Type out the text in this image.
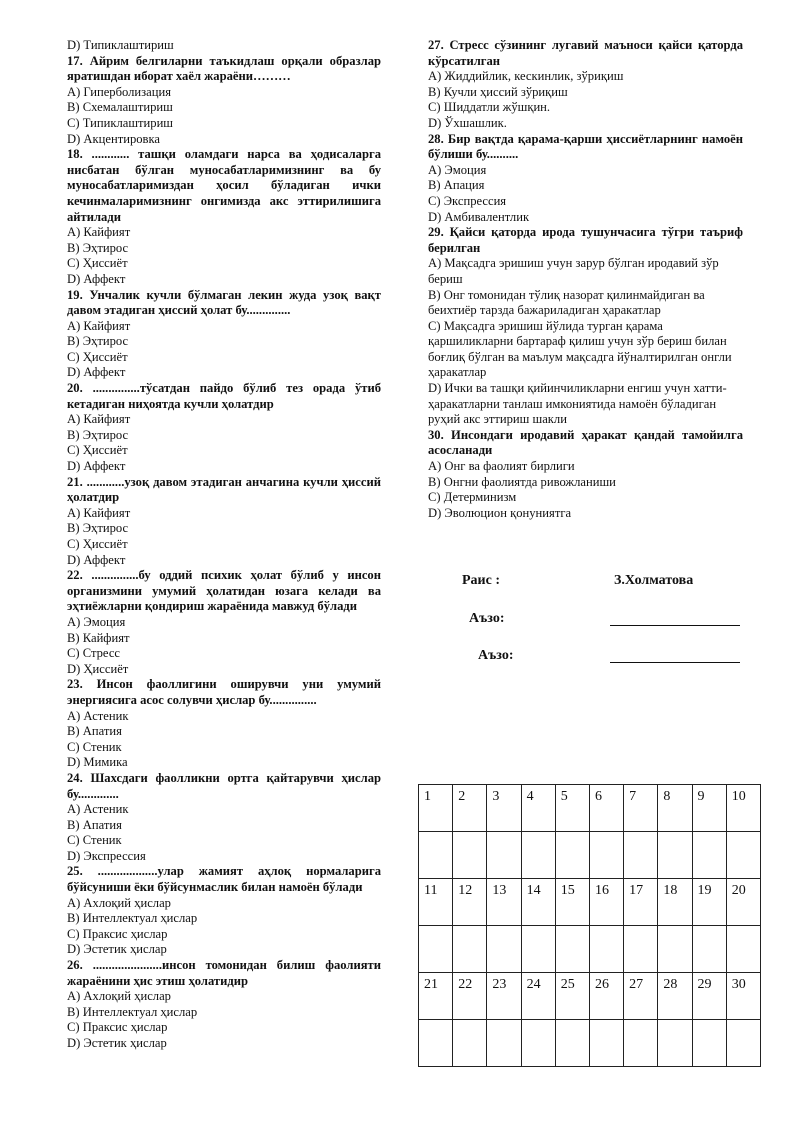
D) Типиклаштириш
17. Айрим белгиларни таъкидлаш орқали образлар яратишдан иборат хаёл жараёни………
A) Гиперболизация
B) Схемалаштириш
C) Типиклаштириш
D) Акцентировка
18. ............ ташқи оламдаги нарса ва ҳодисаларга нисбатан бўлган муносабатларимизнинг ва бу муносабатларимиздан ҳосил бўладиган ички кечинмаларимизнинг онгимизда акс эттирилишига айтилади
A) Кайфият
B) Эҳтирос
C) Ҳиссиёт
D) Аффект
19. Унчалик кучли бўлмаган лекин жуда узоқ вақт давом этадиган ҳиссий ҳолат бу..............
A) Кайфият
B) Эҳтирос
C) Ҳиссиёт
D) Аффект
20. ...............тўсатдан пайдо бўлиб тез орада ўтиб кетадиган ниҳоятда кучли ҳолатдир
A) Кайфият
B) Эҳтирос
C) Ҳиссиёт
D) Аффект
21. ............узоқ давом этадиган анчагина кучли ҳиссий ҳолатдир
A) Кайфият
B) Эҳтирос
C) Ҳиссиёт
D) Аффект
22. ...............бу оддий психик ҳолат бўлиб у инсон организмини умумий ҳолатидан юзага келади ва эҳтиёжларни қондириш жараёнида мавжуд бўлади
A) Эмоция
B) Кайфият
C) Стресс
D) Ҳиссиёт
23. Инсон фаоллигини оширувчи уни умумий энергиясига асос солувчи ҳислар бу...............
A) Астеник
B) Апатия
C) Стеник
D) Мимика
24. Шахсдаги фаолликни ортга қайтарувчи ҳислар бу.............
A) Астеник
B) Апатия
C) Стеник
D) Экспрессия
25. ...................улар жамият аҳлоқ нормаларига бўйсуниши ёки бўйсунмаслик билан намоён бўлади
A) Ахлоқий ҳислар
B) Интеллектуал ҳислар
C) Праксис ҳислар
D) Эстетик ҳислар
26. ......................инсон томонидан билиш фаолияти жараёнини ҳис этиш ҳолатидир
A) Ахлоқий ҳислар
B) Интеллектуал ҳислар
C) Праксис ҳислар
D) Эстетик ҳислар
27. Стресс сўзининг лугавий маъноси қайси қаторда кўрсатилган
A) Жиддийлик, кескинлик, зўриқиш
B) Кучли ҳиссий зўриқиш
C) Шиддатли жўшқин.
D) Ўхшашлик.
28. Бир вақтда қарама-қарши ҳиссиётларнинг намоён бўлиши бу..........
A) Эмоция
B) Апация
C) Экспрессия
D) Амбивалентлик
29. Қайси қаторда ирода тушунчасига тўгри таъриф берилган
A) Мақсадга эришиш учун зарур бўлган иродавий зўр бериш
B) Онг томонидан тўлиқ назорат қилинмайдиган ва беихтиёр тарзда бажариладиган ҳаракатлар
C) Мақсадга эришиш йўлида турган қарама қаршиликларни бартараф қилиш учун зўр бериш билан боғлиқ бўлган ва маълум мақсадга йўналтирилган онгли ҳаракатлар
D) Ички ва ташқи қийинчиликларни енгиш учун хатти-ҳаракатларни танлаш имкониятида намоён бўладиган руҳий акс эттириш шакли
30. Инсондаги иродавий ҳаракат қандай тамойилга асосланади
A) Онг ва фаолият бирлиги
B) Онгни фаолиятда ривожланиши
C) Детерминизм
D) Эволюцион қонуниятга
Раис :	З.Холматова
Аъзо:
Аъзо:
1	2	3	4	5	6	7	8	9	10

11	12	13	14	15	16	17	18	19	20

21	22	23	24	25	26	27	28	29	30
